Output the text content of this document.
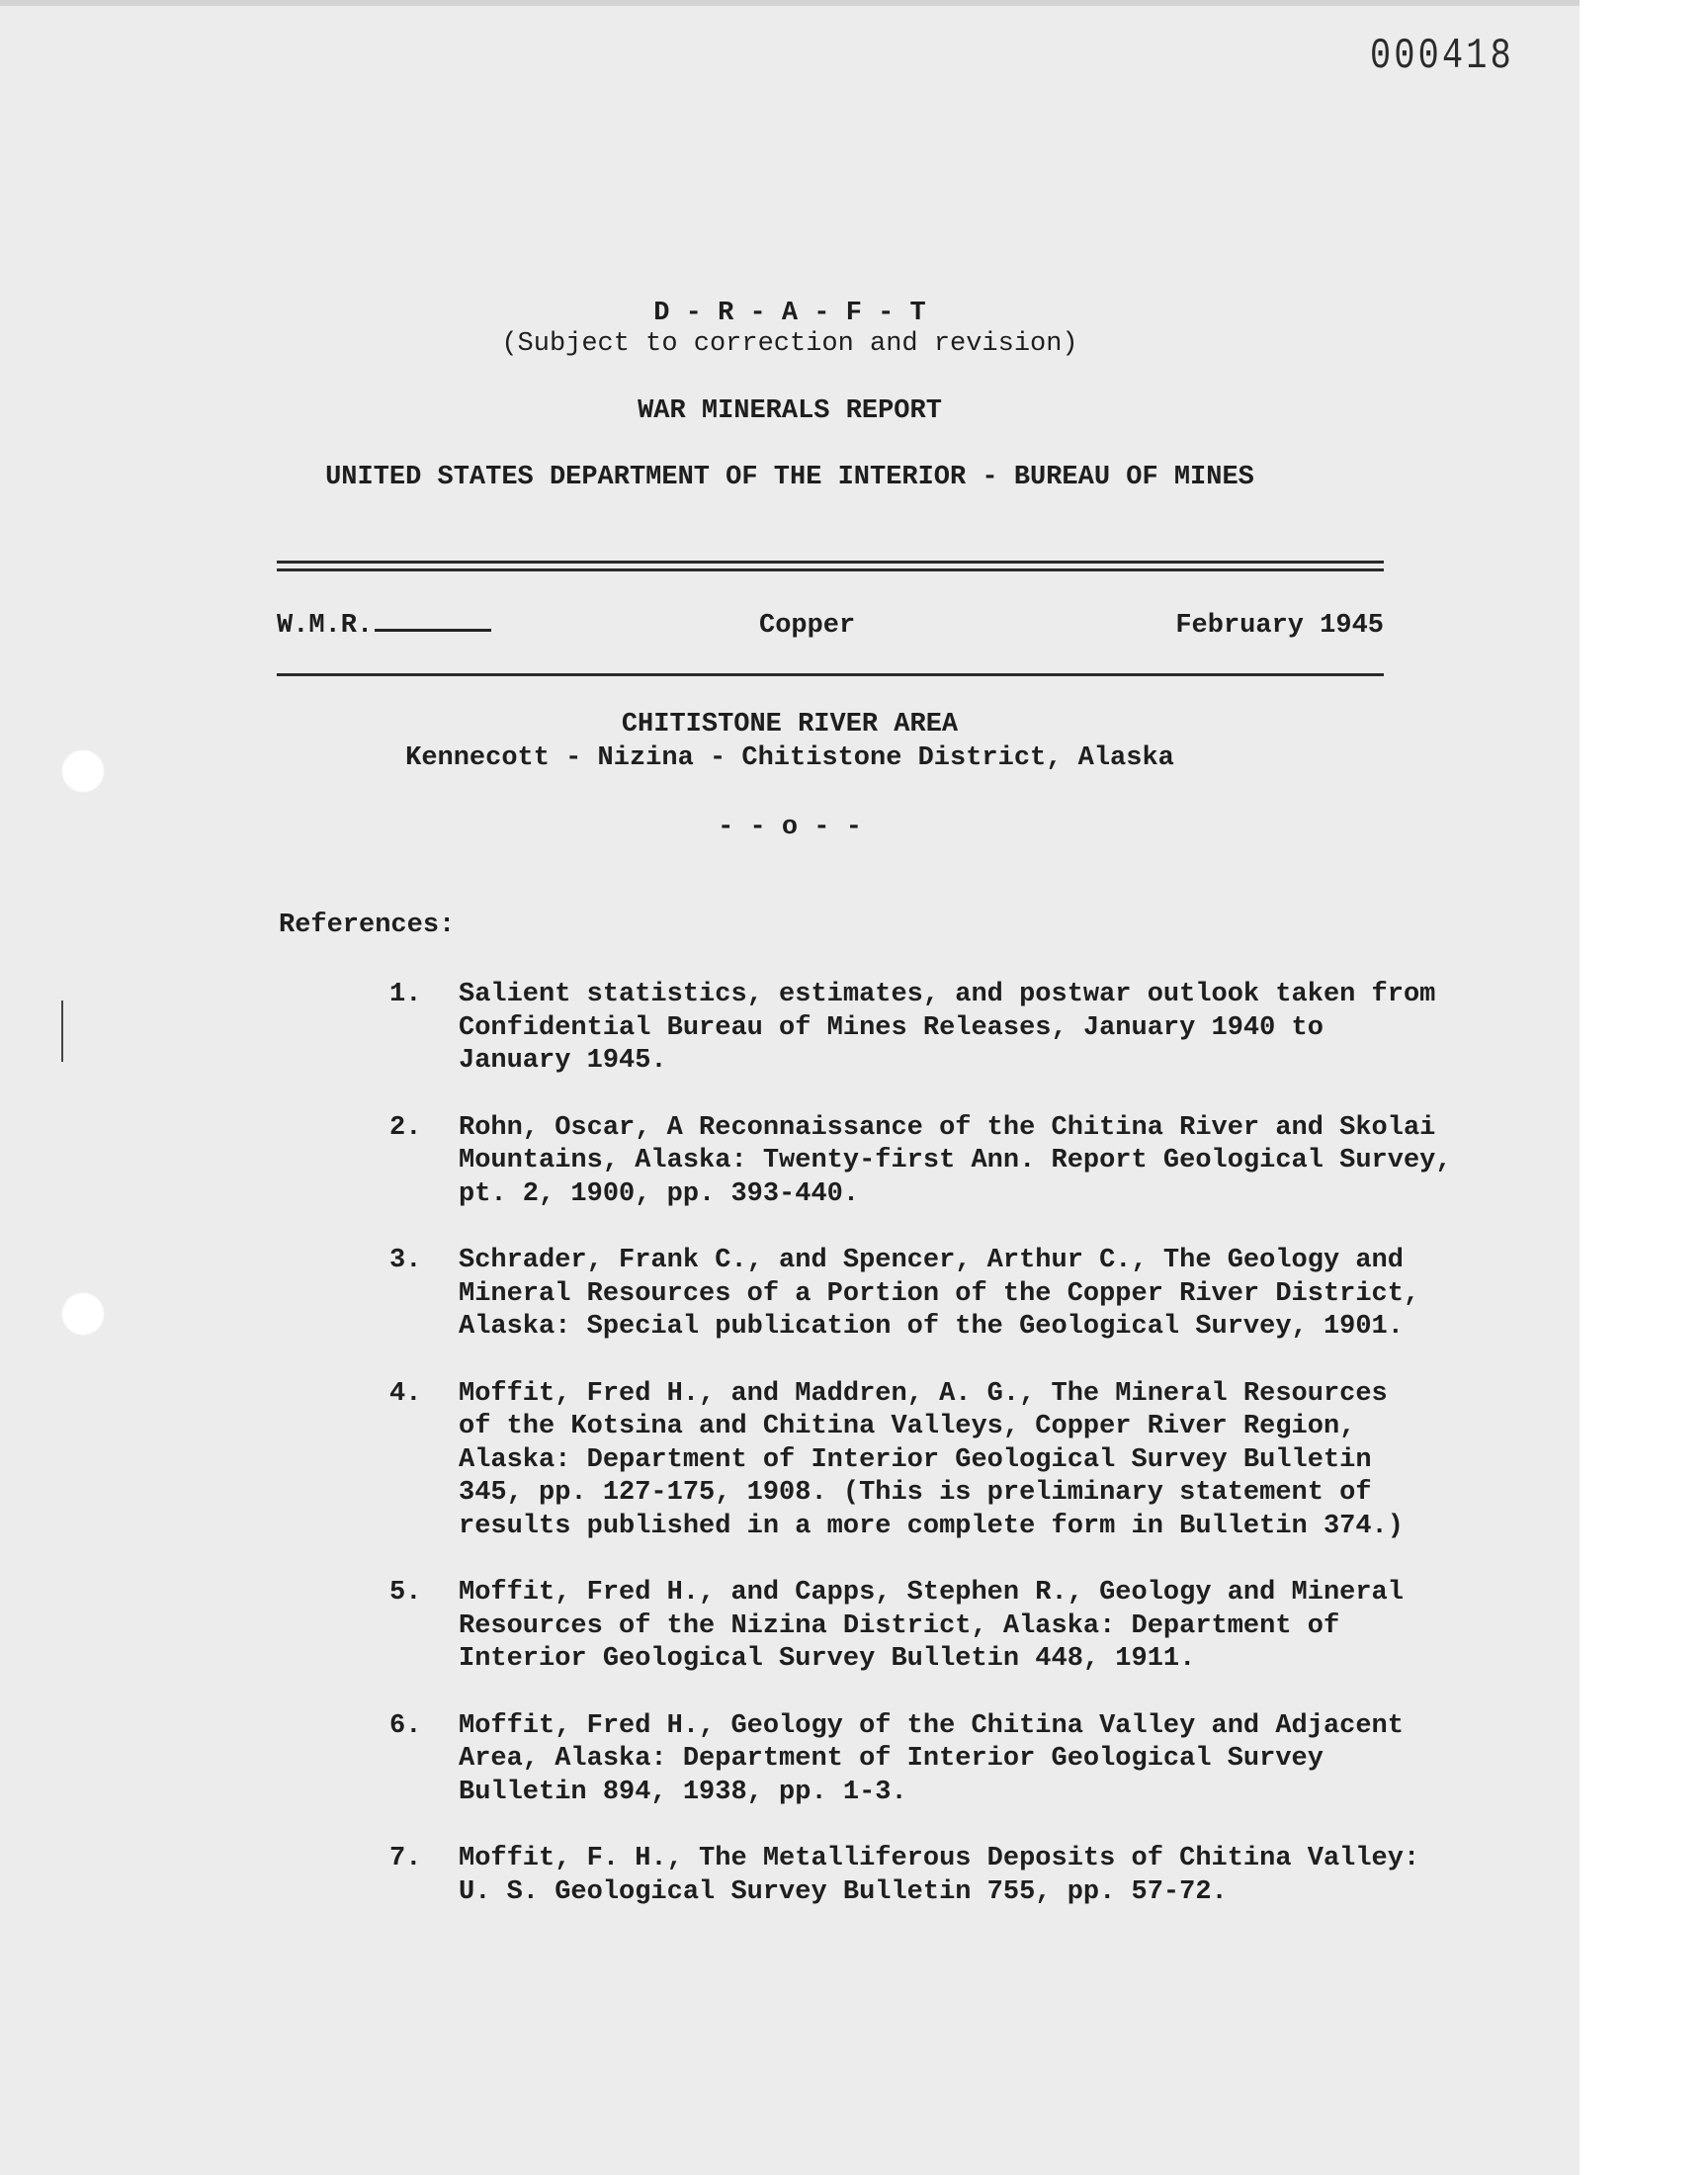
000418
D - R - A - F - T
(Subject to correction and revision)
WAR MINERALS REPORT
UNITED STATES DEPARTMENT OF THE INTERIOR - BUREAU OF MINES
W.M.R.	Copper	February 1945
CHITISTONE RIVER AREA
Kennecott - Nizina - Chitistone District, Alaska
- - o - -
References:
1. Salient statistics, estimates, and postwar outlook taken from
Confidential Bureau of Mines Releases, January 1940 to
January 1945.
2. Rohn, Oscar, A Reconnaissance of the Chitina River and Skolai
Mountains, Alaska: Twenty-first Ann. Report Geological Survey,
pt. 2, 1900, pp. 393-440.
3. Schrader, Frank C., and Spencer, Arthur C., The Geology and
Mineral Resources of a Portion of the Copper River District,
Alaska: Special publication of the Geological Survey, 1901.
4. Moffit, Fred H., and Maddren, A. G., The Mineral Resources
of the Kotsina and Chitina Valleys, Copper River Region,
Alaska: Department of Interior Geological Survey Bulletin
345, pp. 127-175, 1908. (This is preliminary statement of
results published in a more complete form in Bulletin 374.)
5. Moffit, Fred H., and Capps, Stephen R., Geology and Mineral
Resources of the Nizina District, Alaska: Department of
Interior Geological Survey Bulletin 448, 1911.
6. Moffit, Fred H., Geology of the Chitina Valley and Adjacent
Area, Alaska: Department of Interior Geological Survey
Bulletin 894, 1938, pp. 1-3.
7. Moffit, F. H., The Metalliferous Deposits of Chitina Valley:
U. S. Geological Survey Bulletin 755, pp. 57-72.
